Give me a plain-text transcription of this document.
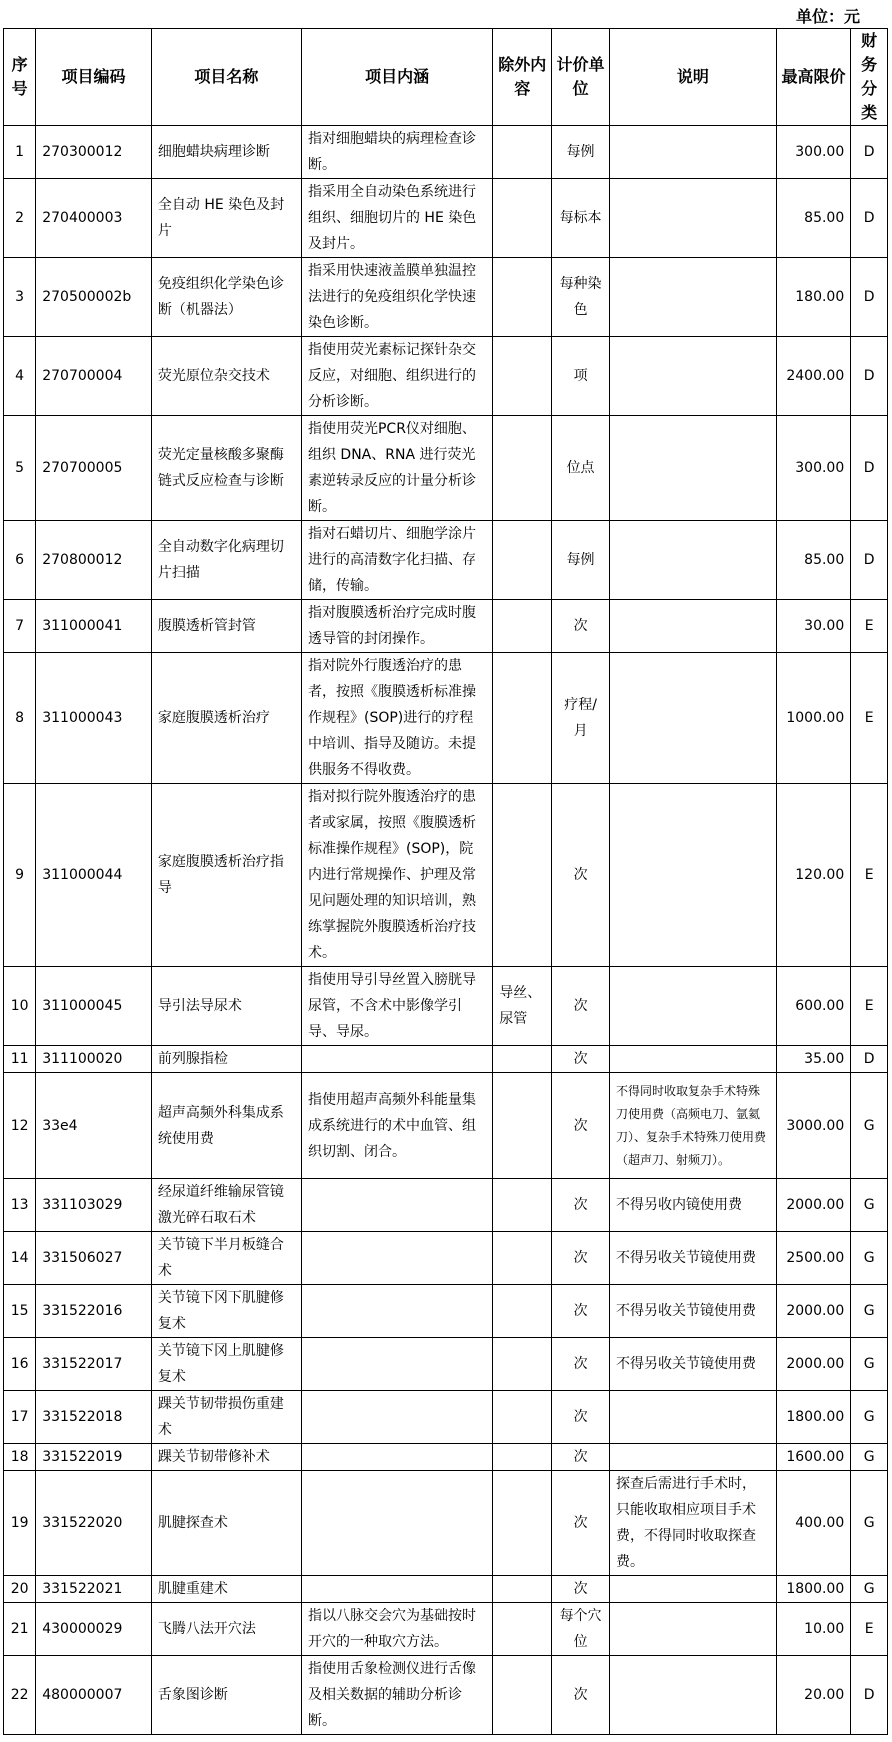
单位：元
序号	项目编码	项目名称	项目内涵	除外内容	计价单位	说明	最高限价	财务分类
1	270300012	细胞蜡块病理诊断	指对细胞蜡块的病理检查诊断。		每例		300.00	D
2	270400003	全自动 HE 染色及封片	指采用全自动染色系统进行组织、细胞切片的 HE 染色及封片。		每标本		85.00	D
3	270500002b	免疫组织化学染色诊断（机器法）	指采用快速液盖膜单独温控法进行的免疫组织化学快速染色诊断。		每种染色		180.00	D
4	270700004	荧光原位杂交技术	指使用荧光素标记探针杂交反应，对细胞、组织进行的分析诊断。		项		2400.00	D
5	270700005	荧光定量核酸多聚酶链式反应检查与诊断	指使用荧光PCR仪对细胞、组织 DNA、RNA 进行荧光素逆转录反应的计量分析诊断。		位点		300.00	D
6	270800012	全自动数字化病理切片扫描	指对石蜡切片、细胞学涂片进行的高清数字化扫描、存储，传输。		每例		85.00	D
7	311000041	腹膜透析管封管	指对腹膜透析治疗完成时腹透导管的封闭操作。		次		30.00	E
8	311000043	家庭腹膜透析治疗	指对院外行腹透治疗的患者，按照《腹膜透析标准操作规程》(SOP)进行的疗程中培训、指导及随访。未提供服务不得收费。		疗程/月		1000.00	E
9	311000044	家庭腹膜透析治疗指导	指对拟行院外腹透治疗的患者或家属，按照《腹膜透析标准操作规程》(SOP)，院内进行常规操作、护理及常见问题处理的知识培训，熟练掌握院外腹膜透析治疗技术。		次		120.00	E
10	311000045	导引法导尿术	指使用导引导丝置入膀胱导尿管，不含术中影像学引导、导尿。	导丝、尿管	次		600.00	E
11	311100020	前列腺指检			次		35.00	D
12	33e4	超声高频外科集成系统使用费	指使用超声高频外科能量集成系统进行的术中血管、组织切割、闭合。		次	不得同时收取复杂手术特殊刀使用费（高频电刀、氩氦刀）、复杂手术特殊刀使用费（超声刀、射频刀）。	3000.00	G
13	331103029	经尿道纤维输尿管镜激光碎石取石术			次	不得另收内镜使用费	2000.00	G
14	331506027	关节镜下半月板缝合术			次	不得另收关节镜使用费	2500.00	G
15	331522016	关节镜下冈下肌腱修复术			次	不得另收关节镜使用费	2000.00	G
16	331522017	关节镜下冈上肌腱修复术			次	不得另收关节镜使用费	2000.00	G
17	331522018	踝关节韧带损伤重建术			次		1800.00	G
18	331522019	踝关节韧带修补术			次		1600.00	G
19	331522020	肌腱探查术			次	探查后需进行手术时，只能收取相应项目手术费，不得同时收取探查费。	400.00	G
20	331522021	肌腱重建术			次		1800.00	G
21	430000029	飞腾八法开穴法	指以八脉交会穴为基础按时开穴的一种取穴方法。		每个穴位		10.00	E
22	480000007	舌象图诊断	指使用舌象检测仪进行舌像及相关数据的辅助分析诊断。		次		20.00	D
